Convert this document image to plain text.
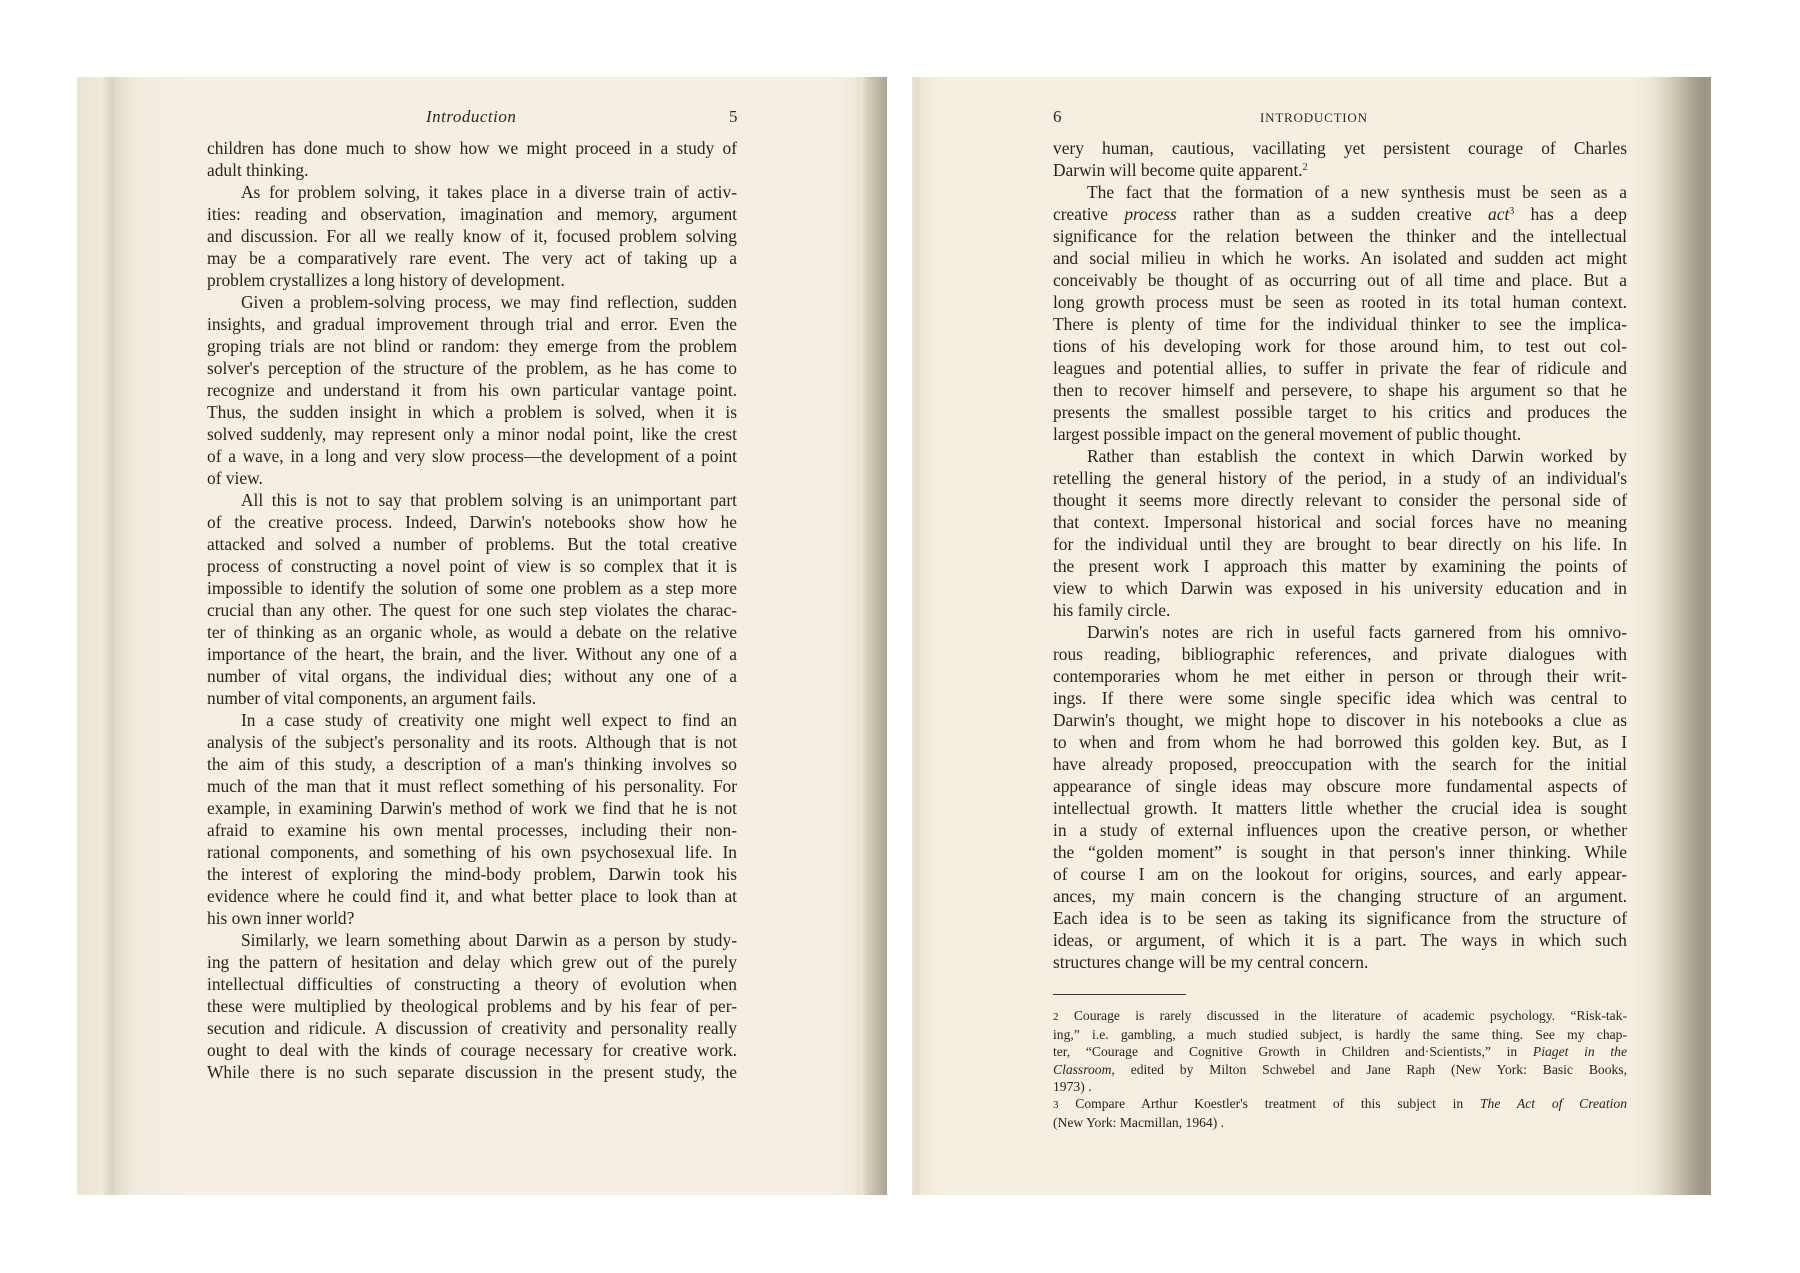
Introduction	5
children has done much to show how we might proceed in a study of
adult thinking.
As for problem solving, it takes place in a diverse train of activ-
ities: reading and observation, imagination and memory, argument
and discussion. For all we really know of it, focused problem solving
may be a comparatively rare event. The very act of taking up a
problem crystallizes a long history of development.
Given a problem-solving process, we may find reflection, sudden
insights, and gradual improvement through trial and error. Even the
groping trials are not blind or random: they emerge from the problem
solver's perception of the structure of the problem, as he has come to
recognize and understand it from his own particular vantage point.
Thus, the sudden insight in which a problem is solved, when it is
solved suddenly, may represent only a minor nodal point, like the crest
of a wave, in a long and very slow process—the development of a point
of view.
All this is not to say that problem solving is an unimportant part
of the creative process. Indeed, Darwin's notebooks show how he
attacked and solved a number of problems. But the total creative
process of constructing a novel point of view is so complex that it is
impossible to identify the solution of some one problem as a step more
crucial than any other. The quest for one such step violates the charac-
ter of thinking as an organic whole, as would a debate on the relative
importance of the heart, the brain, and the liver. Without any one of a
number of vital organs, the individual dies; without any one of a
number of vital components, an argument fails.
In a case study of creativity one might well expect to find an
analysis of the subject's personality and its roots. Although that is not
the aim of this study, a description of a man's thinking involves so
much of the man that it must reflect something of his personality. For
example, in examining Darwin's method of work we find that he is not
afraid to examine his own mental processes, including their non-
rational components, and something of his own psychosexual life. In
the interest of exploring the mind-body problem, Darwin took his
evidence where he could find it, and what better place to look than at
his own inner world?
Similarly, we learn something about Darwin as a person by study-
ing the pattern of hesitation and delay which grew out of the purely
intellectual difficulties of constructing a theory of evolution when
these were multiplied by theological problems and by his fear of per-
secution and ridicule. A discussion of creativity and personality really
ought to deal with the kinds of courage necessary for creative work.
While there is no such separate discussion in the present study, the
6	INTRODUCTION
very human, cautious, vacillating yet persistent courage of Charles
Darwin will become quite apparent.$^2$
The fact that the formation of a new synthesis must be seen as a
creative process rather than as a sudden creative act$^3$ has a deep
significance for the relation between the thinker and the intellectual
and social milieu in which he works. An isolated and sudden act might
conceivably be thought of as occurring out of all time and place. But a
long growth process must be seen as rooted in its total human context.
There is plenty of time for the individual thinker to see the implica-
tions of his developing work for those around him, to test out col-
leagues and potential allies, to suffer in private the fear of ridicule and
then to recover himself and persevere, to shape his argument so that he
presents the smallest possible target to his critics and produces the
largest possible impact on the general movement of public thought.
Rather than establish the context in which Darwin worked by
retelling the general history of the period, in a study of an individual's
thought it seems more directly relevant to consider the personal side of
that context. Impersonal historical and social forces have no meaning
for the individual until they are brought to bear directly on his life. In
the present work I approach this matter by examining the points of
view to which Darwin was exposed in his university education and in
his family circle.
Darwin's notes are rich in useful facts garnered from his omnivo-
rous reading, bibliographic references, and private dialogues with
contemporaries whom he met either in person or through their writ-
ings. If there were some single specific idea which was central to
Darwin's thought, we might hope to discover in his notebooks a clue as
to when and from whom he had borrowed this golden key. But, as I
have already proposed, preoccupation with the search for the initial
appearance of single ideas may obscure more fundamental aspects of
intellectual growth. It matters little whether the crucial idea is sought
in a study of external influences upon the creative person, or whether
the “golden moment” is sought in that person's inner thinking. While
of course I am on the lookout for origins, sources, and early appear-
ances, my main concern is the changing structure of an argument.
Each idea is to be seen as taking its significance from the structure of
ideas, or argument, of which it is a part. The ways in which such
structures change will be my central concern.
2 Courage is rarely discussed in the literature of academic psychology. “Risk-tak-
ing,” i.e. gambling, a much studied subject, is hardly the same thing. See my chap-
ter, “Courage and Cognitive Growth in Children and·Scientists,” in Piaget in the
Classroom, edited by Milton Schwebel and Jane Raph (New York: Basic Books,
1973) .
3 Compare Arthur Koestler's treatment of this subject in The Act of Creation
(New York: Macmillan, 1964) .
